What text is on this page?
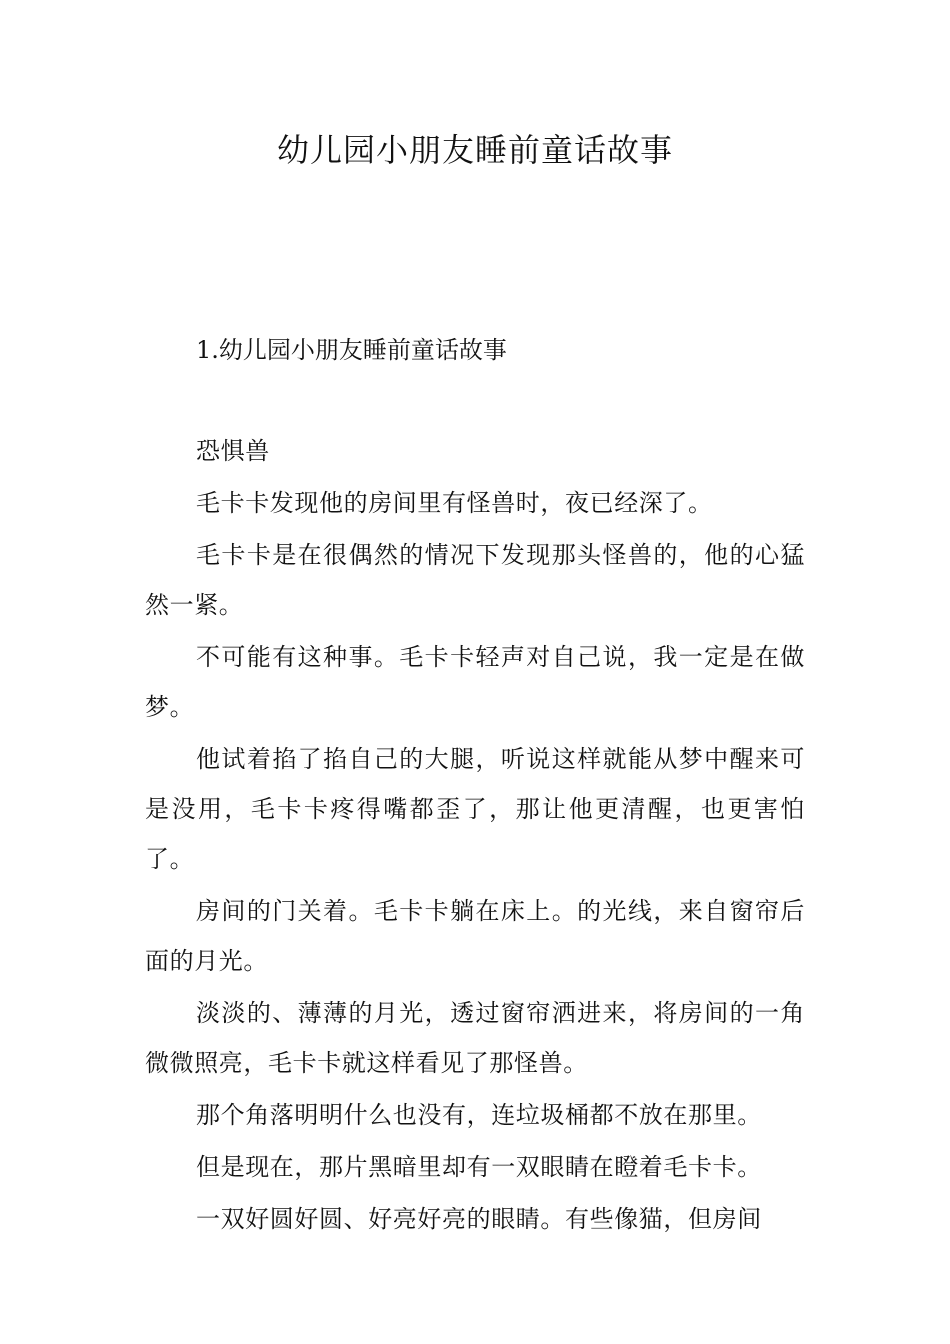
幼儿园小朋友睡前童话故事
1.幼儿园小朋友睡前童话故事

恐惧兽

毛卡卡发现他的房间里有怪兽时，夜已经深了。

毛卡卡是在很偶然的情况下发现那头怪兽的，他的心猛然一紧。

不可能有这种事。毛卡卡轻声对自己说，我一定是在做梦。

他试着掐了掐自己的大腿，听说这样就能从梦中醒来可是没用，毛卡卡疼得嘴都歪了，那让他更清醒，也更害怕了。

房间的门关着。毛卡卡躺在床上。的光线，来自窗帘后面的月光。

淡淡的、薄薄的月光，透过窗帘洒进来，将房间的一角微微照亮，毛卡卡就这样看见了那怪兽。

那个角落明明什么也没有，连垃圾桶都不放在那里。

但是现在，那片黑暗里却有一双眼睛在瞪着毛卡卡。

一双好圆好圆、好亮好亮的眼睛。有些像猫，但房间
